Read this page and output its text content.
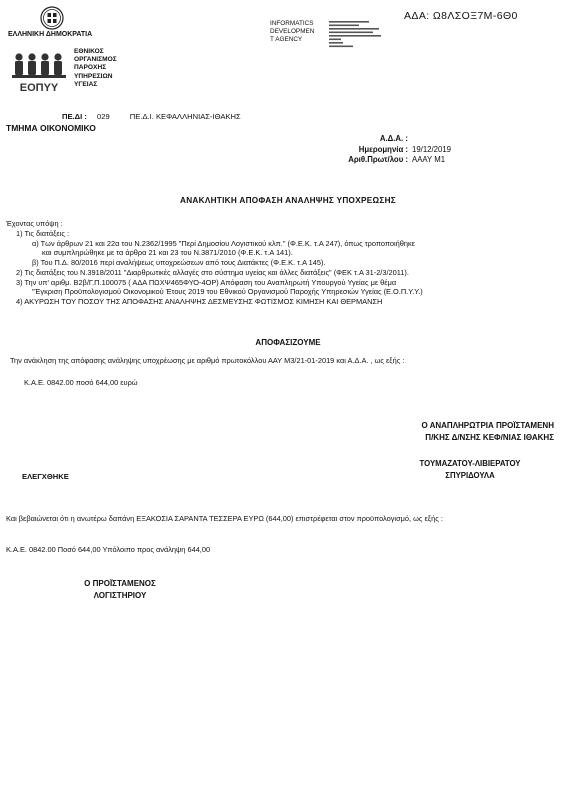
ΕΛΛΗΝΙΚΗ ΔΗΜΟΚΡΑΤΙΑ
ΕΟΠΥΥ
ΕΘΝΙΚΟΣ
ΟΡΓΑΝΙΣΜΟΣ
ΠΑΡΟΧΗΣ
ΥΠΗΡΕΣΙΩΝ
ΥΓΕΙΑΣ
INFORMATICS
DEVELOPMEN
T AGENCY
ΑΔΑ: Ω8ΛΣΟΞ7Μ-6Θ0
ΠΕ.ΔΙ : 029	ΠΕ.Δ.Ι. ΚΕΦΑΛΛΗΝΙΑΣ-ΙΘΑΚΗΣ
ΤΜΗΜΑ ΟΙΚΟΝΟΜΙΚΟ
Α.Δ.Α. :
Ημερομηνία : 19/12/2019
Αριθ.Πρωτ/λου : ΑΑΑΥ Μ1
ΑΝΑΚΛΗΤΙΚΗ ΑΠΟΦΑΣΗ ΑΝΑΛΗΨΗΣ ΥΠΟΧΡΕΩΣΗΣ
Έχοντας υπόψη :
1) Τις διατάξεις :
α) Των άρθρων 21 και 22α του Ν.2362/1995 "Περί Δημοσίου Λογιστικού κλπ." (Φ.Ε.Κ. τ.Α 247), όπως τροποποιήθηκε
και συμπληρώθηκε με τα άρθρα 21 και 23 του Ν.3871/2010 (Φ.Ε.Κ. τ.Α 141).
β) Του Π.Δ. 80/2016 περί αναλήψεως υποχρεώσεων από τους Διατάκτες (Φ.Ε.Κ. τ.Α 145).
2) Τις διατάξεις του Ν.3918/2011 "Διαρθρωτικές αλλαγές στο σύστημα υγείας και άλλες διατάξεις" (ΦΕΚ τ.Α 31-2/3/2011).
3) Την υπ' αριθμ. Β2β/Γ.Π.100075 ( ΑΔΑ ΠΩΧΨ465ΦΥΟ-4ΟΡ) Απόφαση του Αναπληρωτή Υπουργού Υγείας με θέμα
"Έγκριση Προϋπολογισμού Οικονομικού Έτους 2019 του Εθνικού Οργανισμού Παροχής Υπηρεσιών Υγείας (Ε.Ο.Π.Υ.Υ.)
4) ΑΚΥΡΩΣΗ ΤΟΥ ΠΟΣΟΥ ΤΗΣ ΑΠΟΦΑΣΗΣ ΑΝΑΛΗΨΗΣ ΔΕΣΜΕΥΣΗΣ ΦΩΤΙΣΜΟΣ ΚΙΜΗΣΗ ΚΑΙ ΘΕΡΜΑΝΣΗ
ΑΠΟΦΑΣΙΖΟΥΜΕ
Την ανάκληση της απόφασης ανάληψης υποχρέωσης με αριθμό πρωτοκόλλου ΑΑΥ Μ3/21-01-2019 και Α.Δ.Α. , ως εξής :
Κ.Α.Ε. 0842.00 ποσό 644,00 ευρώ
Ο ΑΝΑΠΛΗΡΩΤΡΙΑ ΠΡΟΪΣΤΑΜΕΝΗ
Π/ΚΗΣ Δ/ΝΣΗΣ ΚΕΦ/ΝΙΑΣ ΙΘΑΚΗΣ
ΕΛΕΓΧΘΗΚΕ
ΤΟΥΜΑΖΑΤΟΥ-ΛΙΒΙΕΡΑΤΟΥ
ΣΠΥΡΙΔΟΥΛΑ
Και βεβαιώνεται ότι η ανωτέρω δαπάνη ΕΞΑΚΟΣΙΑ ΣΑΡΑΝΤΑ ΤΕΣΣΕΡΑ ΕΥΡΩ (644,00) επιστρέφεται στον προϋπολογισμό, ως εξής :
Κ.Α.Ε. 0842.00 Ποσό 644,00 Υπόλοιπο προς ανάληψη 644,00
Ο ΠΡΟΪΣΤΑΜΕΝΟΣ
ΛΟΓΙΣΤΗΡΙΟΥ
